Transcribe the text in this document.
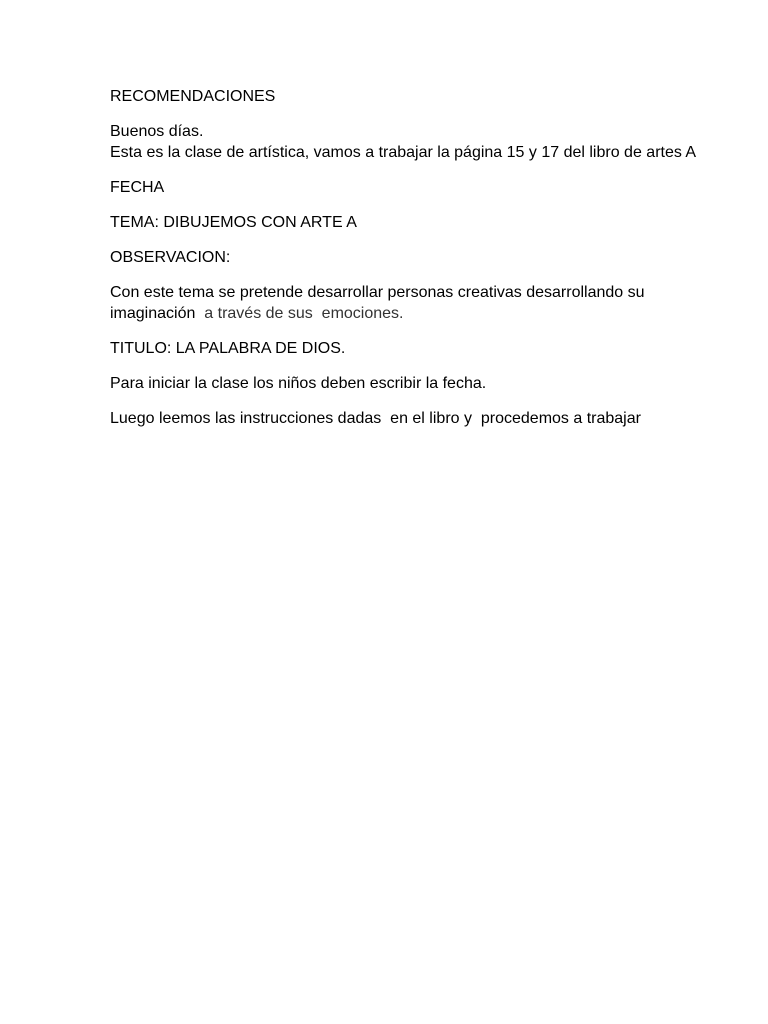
RECOMENDACIONES

Buenos días.
Esta es la clase de artística, vamos a trabajar la página 15 y 17 del libro de artes A

FECHA

TEMA: DIBUJEMOS CON ARTE A

OBSERVACION:

Con este tema se pretende desarrollar personas creativas desarrollando su imaginación  a través de sus  emociones.

TITULO: LA PALABRA DE DIOS.

Para iniciar la clase los niños deben escribir la fecha.

Luego leemos las instrucciones dadas  en el libro y  procedemos a trabajar
